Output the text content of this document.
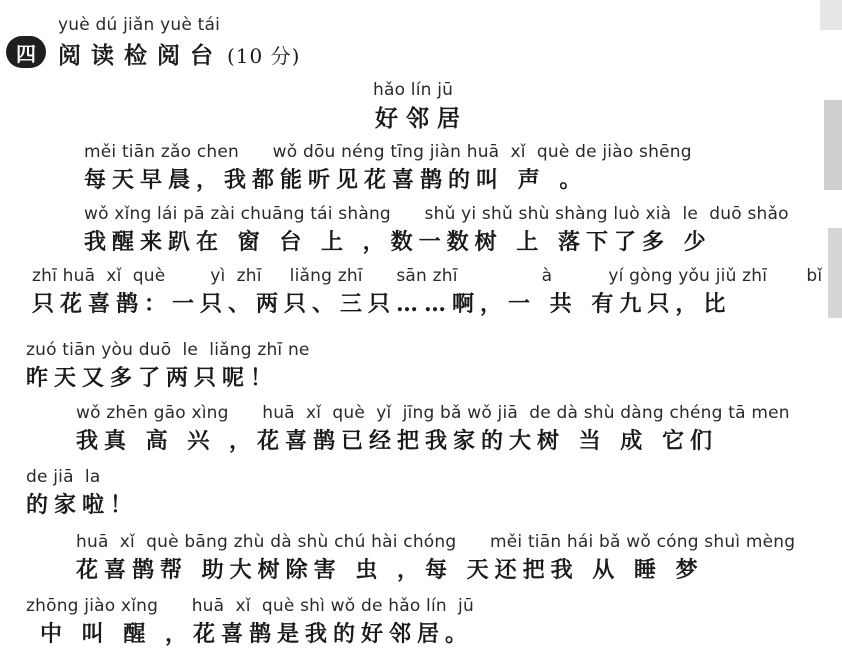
yuè dú jiǎn yuè tái
四 阅读检阅台 (10 分)
hǎo lín jū
好邻居
měi tiān zǎo chen      wǒ dōu néng tīng jiàn huā  xǐ  què de jiào shēng
每天早晨，我都能听见花喜鹊的叫 声 。
wǒ xǐng lái pā zài chuāng tái shàng      shǔ yi shǔ shù shàng luò xià  le  duō shǎo
我醒来趴在 窗 台 上 ，数一数树 上 落下了多 少
zhī huā  xǐ  què        yì  zhī     liǎng zhī      sān zhī               à          yí gòng yǒu jiǔ zhī       bǐ
只花喜鹊：一只、两只、三只……啊，一 共 有九只，比
zuó tiān yòu duō  le  liǎng zhī ne
昨天又多了两只呢！
wǒ zhēn gāo xìng      huā  xǐ  què  yǐ  jīng bǎ wǒ jiā  de dà shù dàng chéng tā men
我真 高 兴 ，花喜鹊已经把我家的大树 当 成 它们
de jiā  la
的家啦！
huā  xǐ  què bāng zhù dà shù chú hài chóng      měi tiān hái bǎ wǒ cóng shuì mèng
花喜鹊帮 助大树除害 虫 ，每 天还把我 从 睡 梦
zhōng jiào xǐng      huā  xǐ  què shì wǒ de hǎo lín  jū
中 叫 醒 ，花喜鹊是我的好邻居。
